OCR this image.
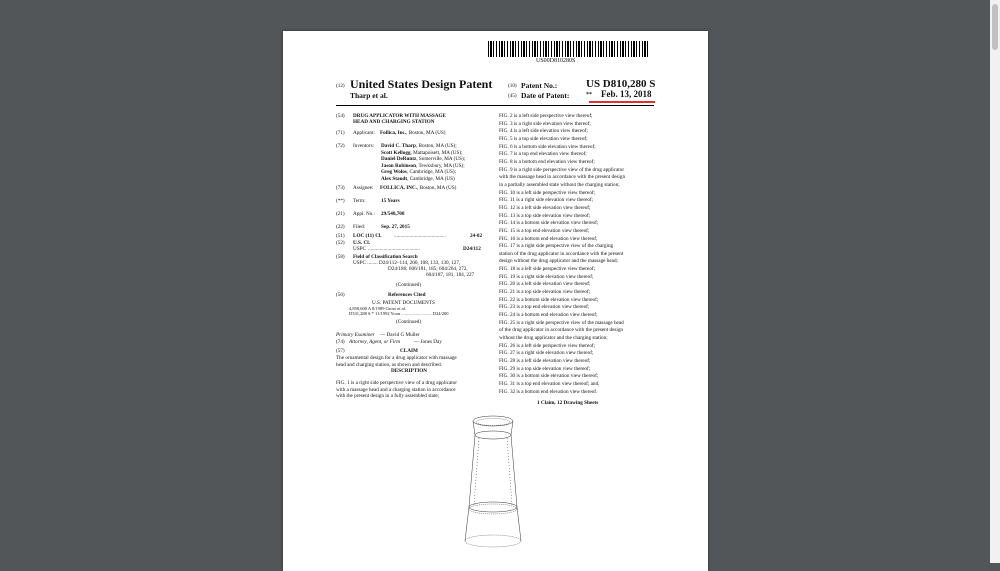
US00D810280S
(12) United States Design Patent
Tharp et al.
(10) Patent No.:	US D810,280 S
(45) Date of Patent:	** Feb. 13, 2018
(54) DRUG APPLICATOR WITH MASSAGE
HEAD AND CHARGING STATION
(71) Applicant: Follica, Inc., Boston, MA (US)
(72) Inventors: David C. Tharp, Boston, MA (US);
Scott Kellogg, Mattapoisett, MA (US);
Daniel DeRuntz, Somerville, MA (US);
Jason Robinson, Tewksbury, MA (US);
Greg Wolos, Cambridge, MA (US);
Alex Staudt, Cambridge, MA (US)
(73) Assignee: FOLLICA, INC., Boston, MA (US)
(**) Term:	15 Years
(21) Appl. No.: 29/540,708
(22) Filed:	Sep. 27, 2015
(51) LOC (11) Cl. ........................................	24-02
(52) U.S. Cl.
USPC ........................................	D24/112
(58) Field of Classification Search
USPC ........ D24/112–114, 200, 108, 133, 130, 127,
D24/186; 606/181, 185; 604/264, 272,
604/187, 181, 184, 227
(Continued)
(56)	References Cited
U.S. PATENT DOCUMENTS
4,858,600 A 8/1989 Gross et al.
D331,288 S * 11/1992 Yoon ........................... D24/200
(Continued)
Primary Examiner — David G Muller
(74) Attorney, Agent, or Firm	— Jones Day
(57)	CLAIM
The ornamental design for a drug applicator with massage
head and charging station, as shown and described.
DESCRIPTION
FIG. 1 is a right side perspective view of a drug applicator
with a massage head and a charging station in accordance
with the present design in a fully assembled state;
FIG. 2 is a left side perspective view thereof;
FIG. 3 is a right side elevation view thereof;
FIG. 4 is a left side elevation view thereof;
FIG. 5 is a top side elevation view thereof;
FIG. 6 is a bottom side elevation view thereof;
FIG. 7 is a top end elevation view thereof;
FIG. 8 is a bottom end elevation view thereof;
FIG. 9 is a right side perspective view of the drug applicator
with the massage head in accordance with the present design
in a partially assembled state without the charging station;
FIG. 10 is a left side perspective view thereof;
FIG. 11 is a right side elevation view thereof;
FIG. 12 is a left side elevation view thereof;
FIG. 13 is a top side elevation view thereof;
FIG. 14 is a bottom side elevation view thereof;
FIG. 15 is a top end elevation view thereof;
FIG. 16 is a bottom end elevation view thereof;
FIG. 17 is a right side perspective view of the charging
station of the drug applicator in accordance with the present
design without the drug applicator and the massage head;
FIG. 18 is a left side perspective view thereof;
FIG. 19 is a right side elevation view thereof;
FIG. 20 is a left side elevation view thereof;
FIG. 21 is a top side elevation view thereof;
FIG. 22 is a bottom side elevation view thereof;
FIG. 23 is a top end elevation view thereof;
FIG. 24 is a bottom end elevation view thereof;
FIG. 25 is a right side perspective view of the massage head
of the drug applicator in accordance with the present design
without the drug applicator and the charging station;
FIG. 26 is a left side perspective view thereof;
FIG. 27 is a right side elevation view thereof;
FIG. 28 is a left side elevation view thereof;
FIG. 29 is a top side elevation view thereof;
FIG. 30 is a bottom side elevation view thereof;
FIG. 31 is a top end elevation view thereof; and,
FIG. 32 is a bottom end elevation view thereof.
1 Claim, 12 Drawing Sheets
